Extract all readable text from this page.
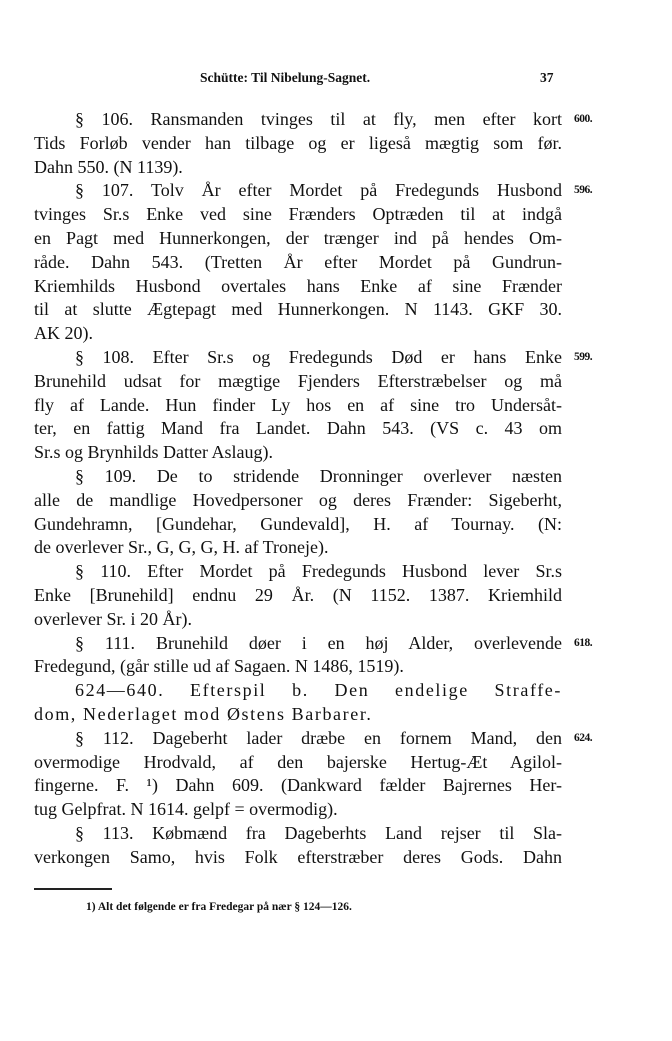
Schütte: Til Nibelung-Sagnet.	37
§ 106. Ransmanden tvinges til at fly, men efter kort 600.
Tids Forløb vender han tilbage og er ligeså mægtig som før.
Dahn 550. (N 1139).
§ 107. Tolv År efter Mordet på Fredegunds Husbond 596.
tvinges Sr.s Enke ved sine Frænders Optræden til at indgå
en Pagt med Hunnerkongen, der trænger ind på hendes Om-
råde. Dahn 543. (Tretten År efter Mordet på Gundrun-
Kriemhilds Husbond overtales hans Enke af sine Frænder
til at slutte Ægtepagt med Hunnerkongen. N 1143. GKF 30.
AK 20).
§ 108. Efter Sr.s og Fredegunds Død er hans Enke 599.
Brunehild udsat for mægtige Fjenders Efterstræbelser og må
fly af Lande. Hun finder Ly hos en af sine tro Undersåt-
ter, en fattig Mand fra Landet. Dahn 543. (VS c. 43 om
Sr.s og Brynhilds Datter Aslaug).
§ 109. De to stridende Dronninger overlever næsten
alle de mandlige Hovedpersoner og deres Frænder: Sigeberht,
Gundehramn, [Gundehar, Gundevald], H. af Tournay. (N:
de overlever Sr., G, G, G, H. af Troneje).
§ 110. Efter Mordet på Fredegunds Husbond lever Sr.s
Enke [Brunehild] endnu 29 År. (N 1152. 1387. Kriemhild
overlever Sr. i 20 År).
§ 111. Brunehild døer i en høj Alder, overlevende 618.
Fredegund, (går stille ud af Sagaen. N 1486, 1519).
624—640. Efterspil b. Den endelige Straffe-
dom, Nederlaget mod Østens Barbarer.
§ 112. Dageberht lader dræbe en fornem Mand, den 624.
overmodige Hrodvald, af den bajerske Hertug-Æt Agilol-
fingerne. F. ¹) Dahn 609. (Dankward fælder Bajrernes Her-
tug Gelpfrat. N 1614. gelpf = overmodig).
§ 113. Købmænd fra Dageberhts Land rejser til Sla-
verkongen Samo, hvis Folk efterstræber deres Gods. Dahn
1) Alt det følgende er fra Fredegar på nær § 124—126.
